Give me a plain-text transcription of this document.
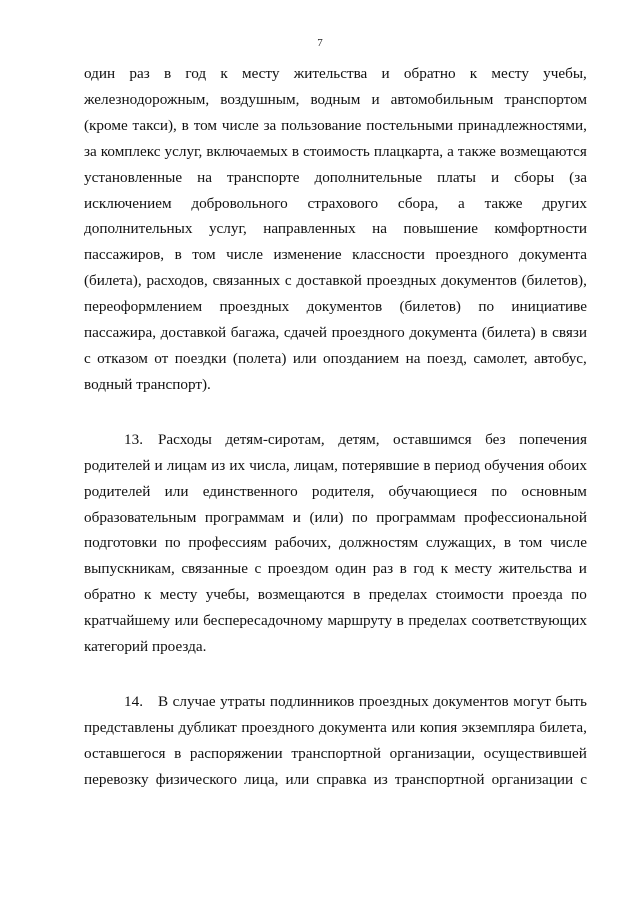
7
один раз в год к месту жительства и обратно к месту учебы,
железнодорожным, воздушным, водным и автомобильным транспортом
(кроме такси), в том числе за пользование постельными принадлежностями,
за комплекс услуг, включаемых в стоимость плацкарта, а также возмещаются
установленные на транспорте дополнительные платы и сборы (за
исключением добровольного страхового сбора, а также других
дополнительных услуг, направленных на повышение комфортности
пассажиров, в том числе изменение классности проездного документа
(билета), расходов, связанных с доставкой проездных документов (билетов),
переоформлением проездных документов (билетов) по инициативе
пассажира, доставкой багажа, сдачей проездного документа (билета) в связи
с отказом от поездки (полета) или опозданием на поезд, самолет, автобус,
водный транспорт).
13. Расходы детям-сиротам, детям, оставшимся без попечения
родителей и лицам из их числа, лицам, потерявшие в период обучения обоих
родителей или единственного родителя, обучающиеся по основным
образовательным программам и (или) по программам профессиональной
подготовки по профессиям рабочих, должностям служащих, в том числе
выпускникам, связанные с проездом один раз в год к месту жительства и
обратно к месту учебы, возмещаются в пределах стоимости проезда по
кратчайшему или беспересадочному маршруту в пределах соответствующих
категорий проезда.
14. В случае утраты подлинников проездных документов могут быть
представлены дубликат проездного документа или копия экземпляра билета,
оставшегося в распоряжении транспортной организации, осуществившей
перевозку физического лица, или справка из транспортной организации с
